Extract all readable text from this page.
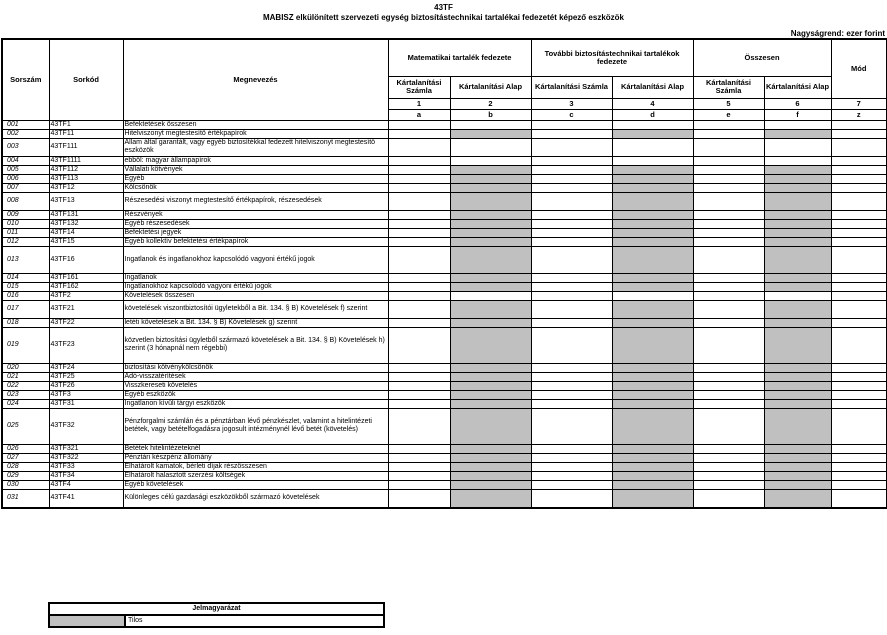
43TF
MABISZ elkülönített szervezeti egység biztosítástechnikai tartalékai fedezetét képező eszközök
Nagyságrend: ezer forint
Sorszám	Sorkód	Megnevezés	Matematikai tartalék fedezete		További biztosítástechnikai tartalékok fedezete		Összesen		Mód
			Kártalanítási Számla	Kártalanítási Alap	Kártalanítási Számla	Kártalanítási Alap	Kártalanítási Számla	Kártalanítási Alap	
			1	2	3	4	5	6	7
			a	b	c	d	e	f	z
001	43TF1	Befektetések összesen							
002	43TF11	Hitelviszonyt megtestesítő értékpapírok							
003	43TF111	Állam által garantált, vagy egyéb biztosítékkal fedezett hitelviszonyt megtestesítő eszközök							
004	43TF1111	ebből: magyar állampapírok							
005	43TF112	Vállalati kötvények							
006	43TF113	Egyéb							
007	43TF12	Kölcsönök							
008	43TF13	Részesedési viszonyt megtestesítő értékpapírok, részesedések							
009	43TF131	Részvények							
010	43TF132	Egyéb részesedések							
011	43TF14	Befektetési jegyek							
012	43TF15	Egyéb kollektív befektetési értékpapírok							
013	43TF16	Ingatlanok és ingatlanokhoz kapcsolódó vagyoni értékű jogok							
014	43TF161	Ingatlanok							
015	43TF162	Ingatlanokhoz kapcsolódó vagyoni értékű jogok							
016	43TF2	Követelések összesen							
017	43TF21	követelések viszontbiztosítói ügyletekből a Bit. 134. § B) Követelések f) szerint							
018	43TF22	letéti követelések a Bit. 134. § B) Követelések g) szerint							
019	43TF23	közvetlen biztosítási ügyletből származó követelések a Bit. 134. § B) Követelések h) szerint (3 hónapnál nem régebbi)							
020	43TF24	biztosítási kötvénykölcsönök							
021	43TF25	Adó-visszatérítések							
022	43TF26	Visszkereseti követelés							
023	43TF3	Egyéb eszközök							
024	43TF31	Ingatlanon kívüli tárgyi eszközök							
025	43TF32	Pénzforgalmi számlán és a pénztárban lévő pénzkészlet, valamint a hitelintézeti betétek, vagy betételfogadásra jogosult intézménynél lévő betét (követelés)							
026	43TF321	Betétek hitelintézeteknél							
027	43TF322	Pénztári készpénz állomány							
028	43TF33	Elhatárolt kamatok, bérleti díjak részösszesen							
029	43TF34	Elhatárolt halasztott szerzési költségek							
030	43TF4	Egyéb követelések							
031	43TF41	Különleges célú gazdasági eszközökből származó követelések							
Jelmagyarázat
	Tilos
